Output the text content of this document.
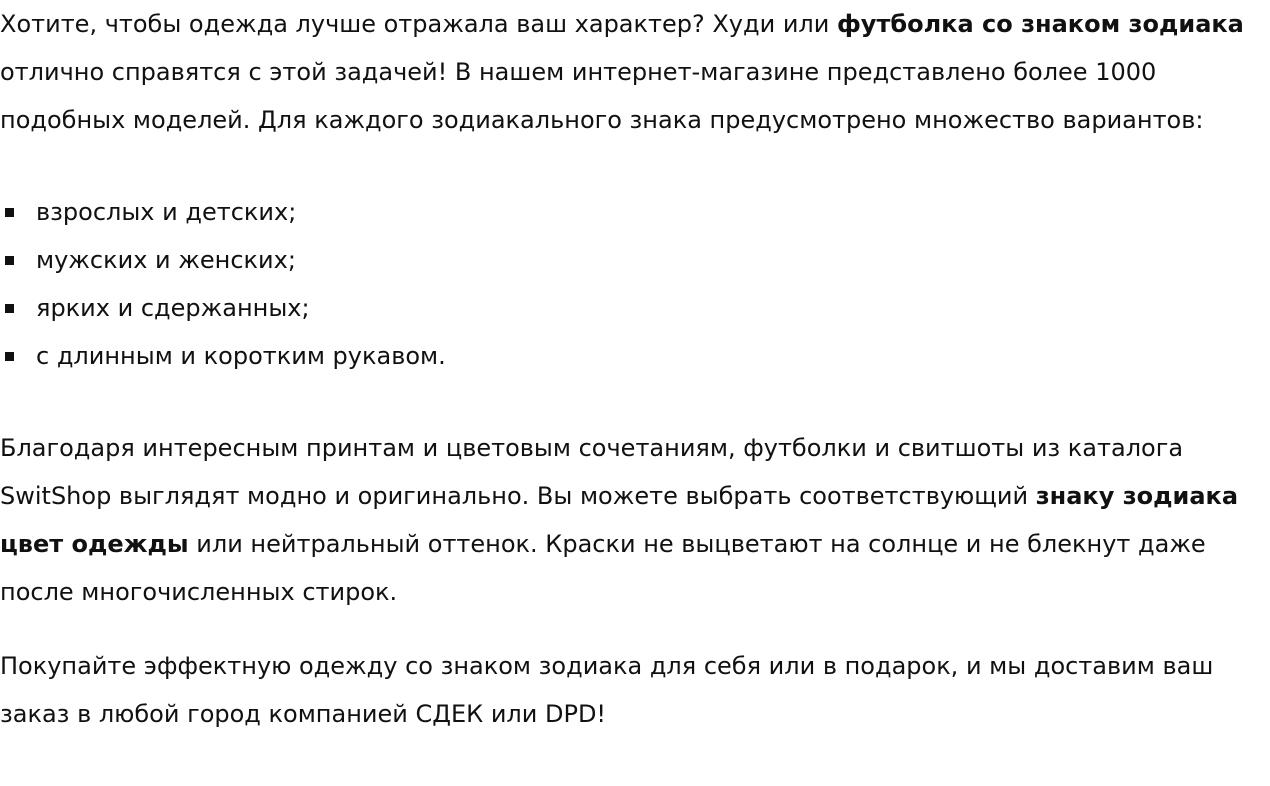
Хотите, чтобы одежда лучше отражала ваш характер? Худи или футболка со знаком зодиака отлично справятся с этой задачей! В нашем интернет-магазине представлено более 1000 подобных моделей. Для каждого зодиакального знака предусмотрено множество вариантов:

взрослых и детских;
мужских и женских;
ярких и сдержанных;
с длинным и коротким рукавом.

Благодаря интересным принтам и цветовым сочетаниям, футболки и свитшоты из каталога SwitShop выглядят модно и оригинально. Вы можете выбрать соответствующий знаку зодиака цвет одежды или нейтральный оттенок. Краски не выцветают на солнце и не блекнут даже после многочисленных стирок.

Покупайте эффектную одежду со знаком зодиака для себя или в подарок, и мы доставим ваш заказ в любой город компанией СДЕК или DPD!
